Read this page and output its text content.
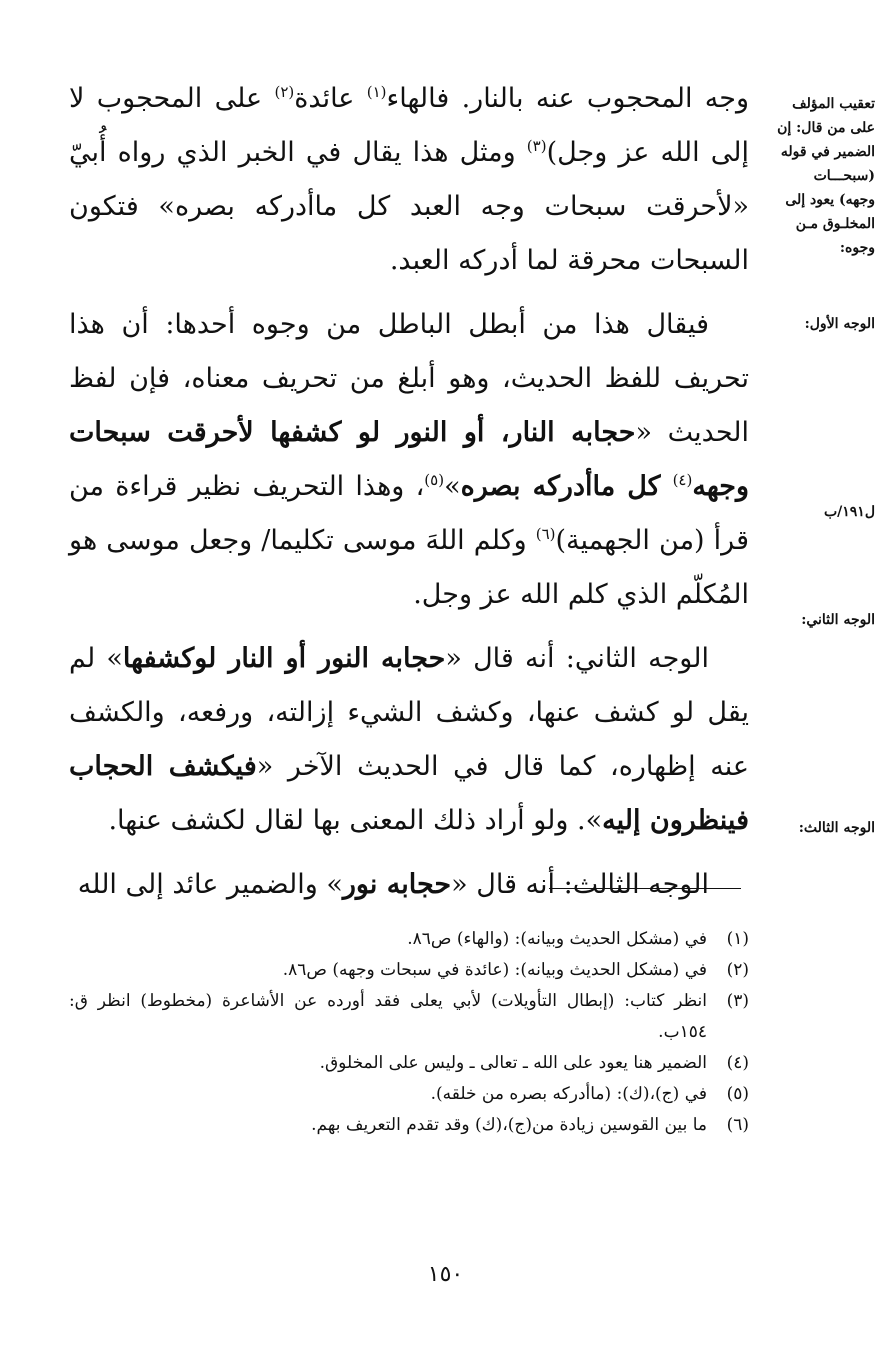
تعقيب المؤلف على من قال: إن الضمير في قوله (سبحـــات وجهه) يعود إلى المخلـوق مـن وجوه:
الوجه الأول:
ل١٩١/ب
الوجه الثاني:
الوجه الثالث:

وجه المحجوب عنه بالنار. فالهاء$^{(١)}$ عائدة$^{(٢)}$ على المحجوب لا إلى الله عز وجل)$^{(٣)}$ ومثل هذا يقال في الخبر الذي رواه أُبيّ «لأحرقت سبحات وجه العبد كل ماأدركه بصره» فتكون السبحات محرقة لما أدركه العبد.

فيقال هذا من أبطل الباطل من وجوه أحدها: أن هذا تحريف للفظ الحديث، وهو أبلغ من تحريف معناه، فإن لفظ الحديث «حجابه النار، أو النور لو كشفها لأحرقت سبحات وجهه$^{(٤)}$ كل ماأدركه بصره»$^{(٥)}$، وهذا التحريف نظير قراءة من قرأ (من الجهمية)$^{(٦)}$ وكلم اللهَ موسى تكليما/ وجعل موسى هو المُكلّم الذي كلم الله عز وجل.

الوجه الثاني: أنه قال «حجابه النور أو النار لوكشفها» لم يقل لو كشف عنها، وكشف الشيء إزالته، ورفعه، والكشف عنه إظهاره، كما قال في الحديث الآخر «فيكشف الحجاب فينظرون إليه». ولو أراد ذلك المعنى بها لقال لكشف عنها.

الوجه الثالث: أنه قال «حجابه نور» والضمير عائد إلى الله

(١)
في (مشكل الحديث وبيانه): (والهاء) ص٨٦.
(٢)
في (مشكل الحديث وبيانه): (عائدة في سبحات وجهه) ص٨٦.
(٣)
انظر كتاب: (إبطال التأويلات) لأبي يعلى فقد أورده عن الأشاعرة (مخطوط) انظر ق: ١٥٤ب.
(٤)
الضمير هنا يعود على الله ـ تعالى ـ وليس على المخلوق.
(٥)
في (ج)،(ك): (ماأدركه بصره من خلقه).
(٦)
ما بين القوسين زيادة من(ج)،(ك) وقد تقدم التعريف بهم.
١٥٠
